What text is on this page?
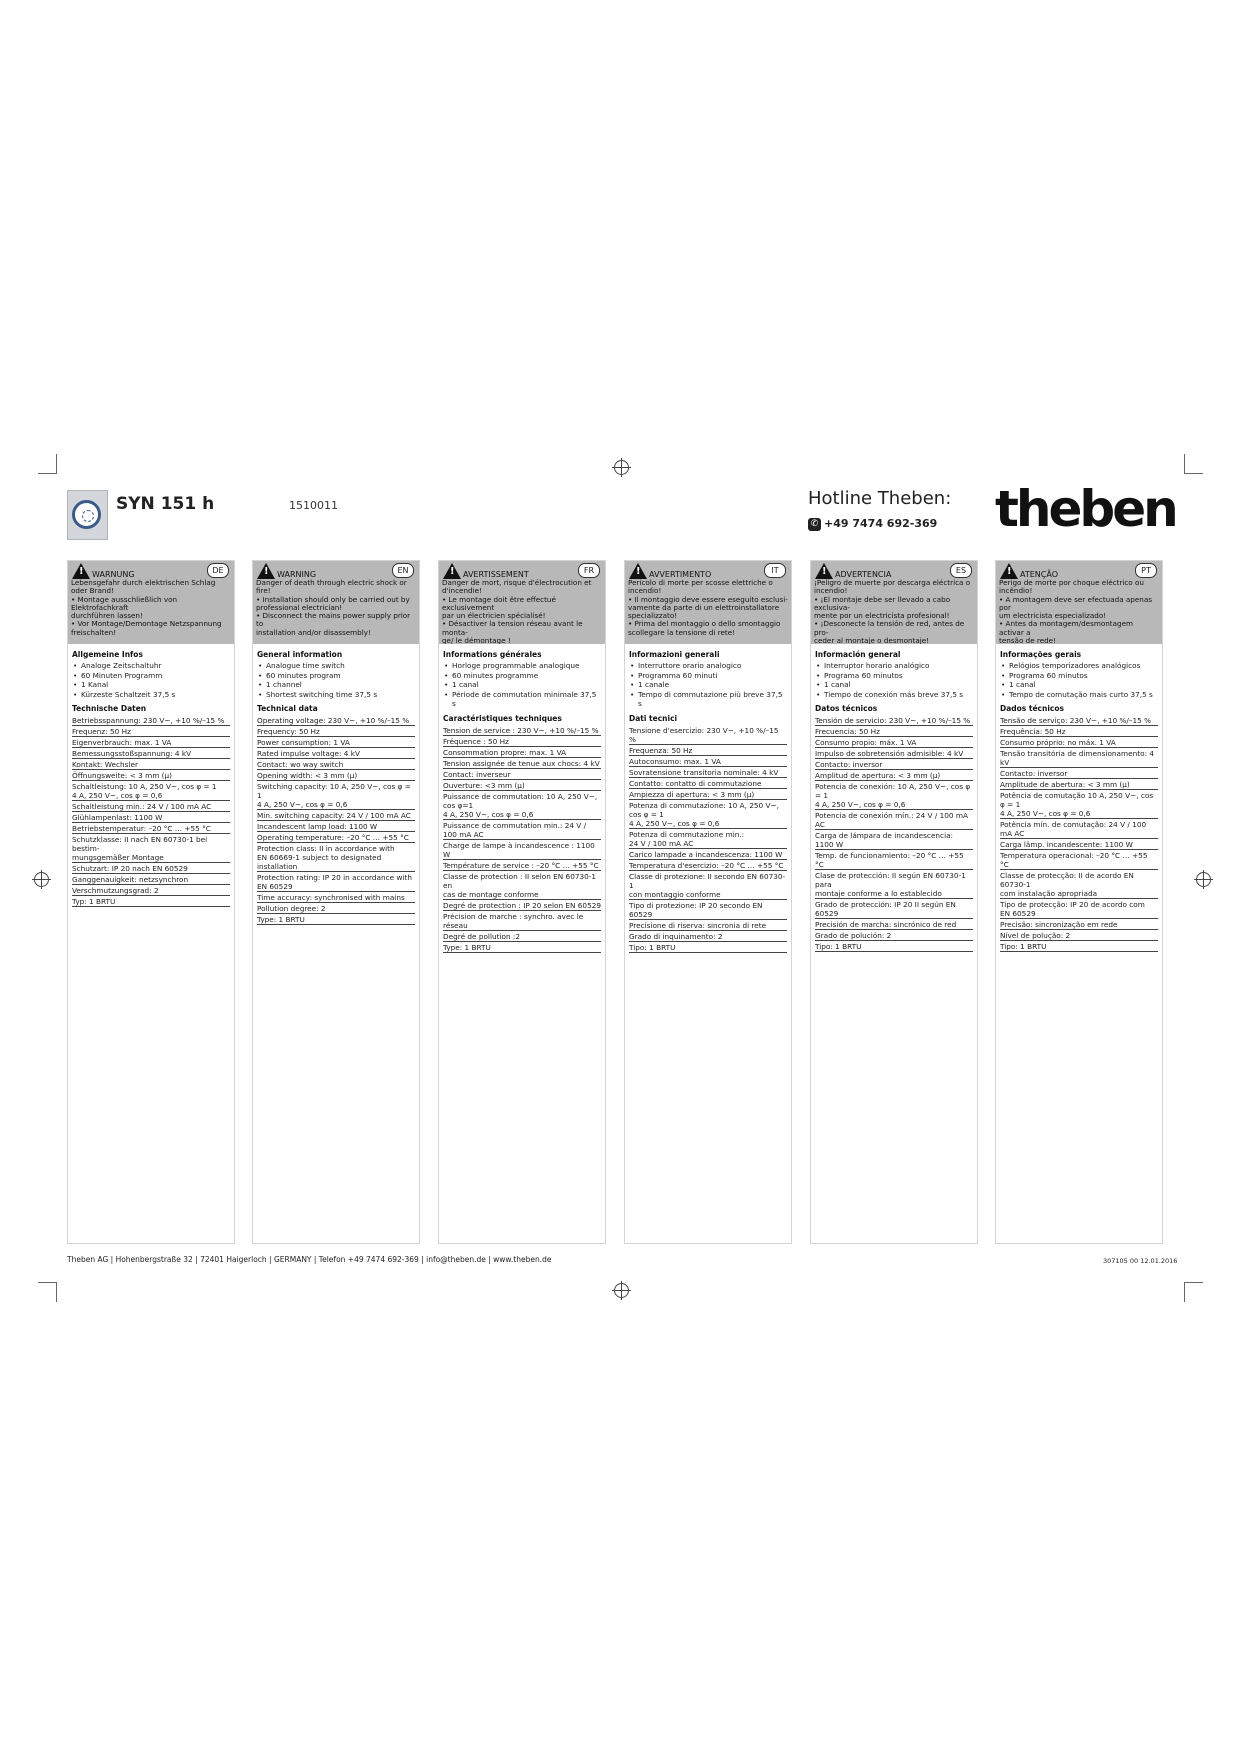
SYN 151 h	1510011	Hotline Theben:
✆ +49 7474 692-369 theben
!
WARNUNG	DE
Lebensgefahr durch elektrischen Schlag oder Brand!
• Montage ausschließlich von Elektrofachkraft
durchführen lassen!
• Vor Montage/Demontage Netzspannung
freischalten!
Allgemeine Infos
• Analoge Zeitschaltuhr
• 60 Minuten Programm
• 1 Kanal
• Kürzeste Schaltzeit 37,5 s
Technische Daten
Betriebsspannung: 230 V~, +10 %/–15 %
Frequenz: 50 Hz
Eigenverbrauch: max. 1 VA
Bemessungsstoßspannung: 4 kV
Kontakt: Wechsler
Öffnungsweite: < 3 mm (µ)
Schaltleistung: 10 A, 250 V~, cos φ = 1
4 A, 250 V~, cos φ = 0,6
Schaltleistung min.: 24 V / 100 mA AC
Glühlampenlast: 1100 W
Betriebstemperatur: –20 °C … +55 °C
Schutzklasse: II nach EN 60730-1 bei bestim-
mungsgemäßer Montage
Schutzart: IP 20 nach EN 60529
Ganggenauigkeit: netzsynchron
Verschmutzungsgrad: 2
Typ: 1 BRTU
!
WARNING	EN
Danger of death through electric shock or fire!
• Installation should only be carried out by
professional electrician!
• Disconnect the mains power supply prior to
installation and/or disassembly!
General information
• Analogue time switch
• 60 minutes program
• 1 channel
• Shortest switching time 37,5 s
Technical data
Operating voltage: 230 V~, +10 %/–15 %
Frequency: 50 Hz
Power consumption: 1 VA
Rated impulse voltage: 4 kV
Contact: wo way switch
Opening width: < 3 mm (µ)
Switching capacity: 10 A, 250 V~, cos φ = 1
4 A, 250 V~, cos φ = 0,6
Min. switching capacity: 24 V / 100 mA AC
Incandescent lamp load: 1100 W
Operating temperature: –20 °C … +55 °C
Protection class: II in accordance with
EN 60669-1 subject to designated installation
Protection rating: IP 20 in accordance with
EN 60529
Time accuracy: synchronised with mains
Pollution degree: 2
Type: 1 BRTU
!
AVERTISSEMENT	FR
Danger de mort, risque d'électrocution et d'incendie!
• Le montage doit être effectué exclusivement
par un électricien spécialisé!
• Désactiver la tension réseau avant le monta-
ge/ le démontage !
Informations générales
• Horloge programmable analogique
• 60 minutes programme
• 1 canal
• Période de commutation minimale 37,5 s
Caractéristiques techniques
Tension de service : 230 V~, +10 %/–15 %
Fréquence : 50 Hz
Consommation propre: max. 1 VA
Tension assignée de tenue aux chocs: 4 kV
Contact: inverseur
Ouverture: <3 mm (µ)
Puissance de commutation: 10 A, 250 V~, cos φ=1
4 A, 250 V~, cos φ = 0,6
Puissance de commutation min.: 24 V / 100 mA AC
Charge de lampe à incandescence : 1100 W
Température de service : –20 °C … +55 °C
Classe de protection : II selon EN 60730-1 en
cas de montage conforme
Degré de protection : IP 20 selon EN 60529
Précision de marche : synchro. avec le réseau
Degré de pollution :2
Type: 1 BRTU
!
AVVERTIMENTO	IT
Pericolo di morte per scosse elettriche o incendio!
• Il montaggio deve essere eseguito esclusi-
vamente da parte di un elettroinstallatore
specializzato!
• Prima del montaggio o dello smontaggio
scollegare la tensione di rete!
Informazioni generali
• Interruttore orario analogico
• Programma 60 minuti
• 1 canale
• Tempo di commutazione più breve 37,5 s
Dati tecnici
Tensione d'esercizio: 230 V~, +10 %/–15 %
Frequenza: 50 Hz
Autoconsumo: max. 1 VA
Sovratensione transitoria nominale: 4 kV
Contatto: contatto di commutazione
Ampiezza di apertura: < 3 mm (µ)
Potenza di commutazione: 10 A, 250 V~, cos φ = 1
4 A, 250 V~, cos φ = 0,6
Potenza di commutazione min.:
24 V / 100 mA AC
Carico lampade a incandescenza: 1100 W
Temperatura d'esercizio: –20 °C … +55 °C
Classe di protezione: II secondo EN 60730-1
con montaggio conforme
Tipo di protezione: IP 20 secondo EN 60529
Precisione di riserva: sincronia di rete
Grado di inquinamento: 2
Tipo: 1 BRTU
!
ADVERTENCIA	ES
¡Peligro de muerte por descarga eléctrica o
incendio!
• ¡El montaje debe ser llevado a cabo exclusiva-
mente por un electricista profesional!
• ¡Desconecte la tensión de red, antes de pro-
ceder al montaje o desmontaje!
Información general
• Interruptor horario analógico
• Programa 60 minutos
• 1 canal
• Tiempo de conexión más breve 37,5 s
Datos técnicos
Tensión de servicio: 230 V~, +10 %/–15 %
Frecuencia: 50 Hz
Consumo propio: máx. 1 VA
Impulso de sobretensión admisible: 4 kV
Contacto: inversor
Amplitud de apertura: < 3 mm (µ)
Potencia de conexión: 10 A, 250 V~, cos φ = 1
4 A, 250 V~, cos φ = 0,6
Potencia de conexión mín.: 24 V / 100 mA AC
Carga de lámpara de incandescencia: 1100 W
Temp. de funcionamiento: –20 °C … +55 °C
Clase de protección: II según EN 60730-1 para
montaje conforme a lo establecido
Grado de protección: IP 20 II según EN 60529
Precisión de marcha: sincrónico de red
Grado de polución: 2
Tipo: 1 BRTU
!
ATENÇÃO	PT
Perigo de morte por choque eléctrico ou
incêndio!
• A montagem deve ser efectuada apenas por
um electricista especializado!
• Antes da montagem/desmontagem activar a
tensão de rede!
Informações gerais
• Relógios temporizadores analógicos
• Programa 60 minutos
• 1 canal
• Tempo de comutação mais curto 37,5 s
Dados técnicos
Tensão de serviço: 230 V~, +10 %/–15 %
Frequência: 50 Hz
Consumo próprio: no máx. 1 VA
Tensão transitória de dimensionamento: 4 kV
Contacto: inversor
Amplitude de abertura: < 3 mm (µ)
Potência de comutação 10 A, 250 V~, cos φ = 1
4 A, 250 V~, cos φ = 0,6
Potência mín. de comutação: 24 V / 100 mA AC
Carga lâmp. incandescente: 1100 W
Temperatura operacional: –20 °C … +55 °C
Classe de protecção: II de acordo EN 60730-1
com instalação apropriada
Tipo de protecção: IP 20 de acordo com
EN 60529
Precisão: sincronização em rede
Nível de polução: 2
Tipo: 1 BRTU
Theben AG | Hohenbergstraße 32 | 72401 Haigerloch | GERMANY | Telefon +49 7474 692-369 | info@theben.de | www.theben.de	307105 00 12.01.2016
